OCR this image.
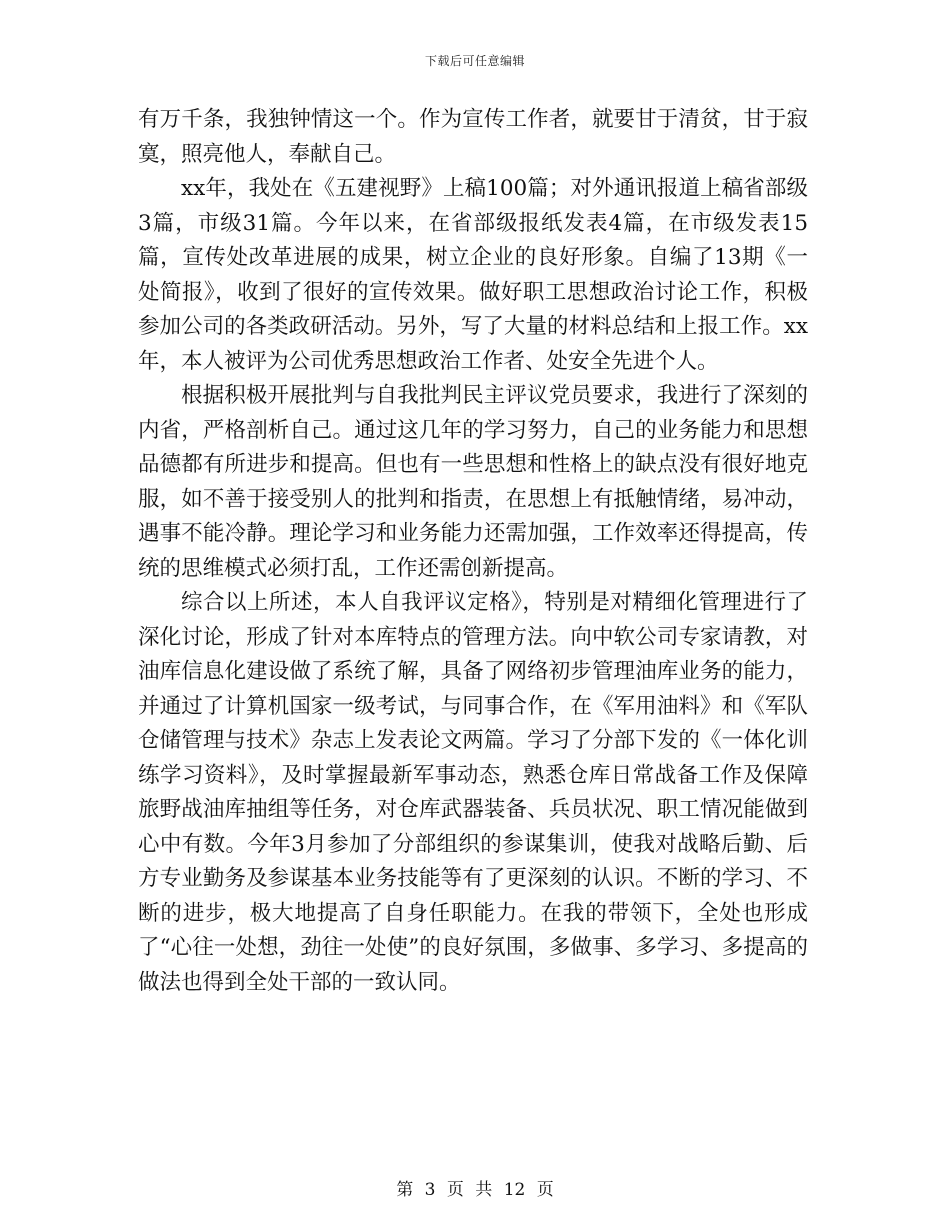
下载后可任意编辑

有万千条，我独钟情这一个。作为宣传工作者，就要甘于清贫，甘于寂寞，照亮他人，奉献自己。

xx年，我处在《五建视野》上稿100篇；对外通讯报道上稿省部级3篇，市级31篇。今年以来，在省部级报纸发表4篇，在市级发表15篇，宣传处改革进展的成果，树立企业的良好形象。自编了13期《一处简报》，收到了很好的宣传效果。做好职工思想政治讨论工作，积极参加公司的各类政研活动。另外，写了大量的材料总结和上报工作。xx年，本人被评为公司优秀思想政治工作者、处安全先进个人。

根据积极开展批判与自我批判民主评议党员要求，我进行了深刻的内省，严格剖析自己。通过这几年的学习努力，自己的业务能力和思想品德都有所进步和提高。但也有一些思想和性格上的缺点没有很好地克服，如不善于接受别人的批判和指责，在思想上有抵触情绪，易冲动，遇事不能冷静。理论学习和业务能力还需加强，工作效率还得提高，传统的思维模式必须打乱，工作还需创新提高。

综合以上所述，本人自我评议定格》，特别是对精细化管理进行了深化讨论，形成了针对本库特点的管理方法。向中软公司专家请教，对油库信息化建设做了系统了解，具备了网络初步管理油库业务的能力，并通过了计算机国家一级考试，与同事合作，在《军用油料》和《军队仓储管理与技术》杂志上发表论文两篇。学习了分部下发的《一体化训练学习资料》，及时掌握最新军事动态，熟悉仓库日常战备工作及保障旅野战油库抽组等任务，对仓库武器装备、兵员状况、职工情况能做到心中有数。今年3月参加了分部组织的参谋集训，使我对战略后勤、后方专业勤务及参谋基本业务技能等有了更深刻的认识。不断的学习、不断的进步，极大地提高了自身任职能力。在我的带领下，全处也形成了“心往一处想，劲往一处使”的良好氛围，多做事、多学习、多提高的做法也得到全处干部的一致认同。

第 3 页 共 12 页
